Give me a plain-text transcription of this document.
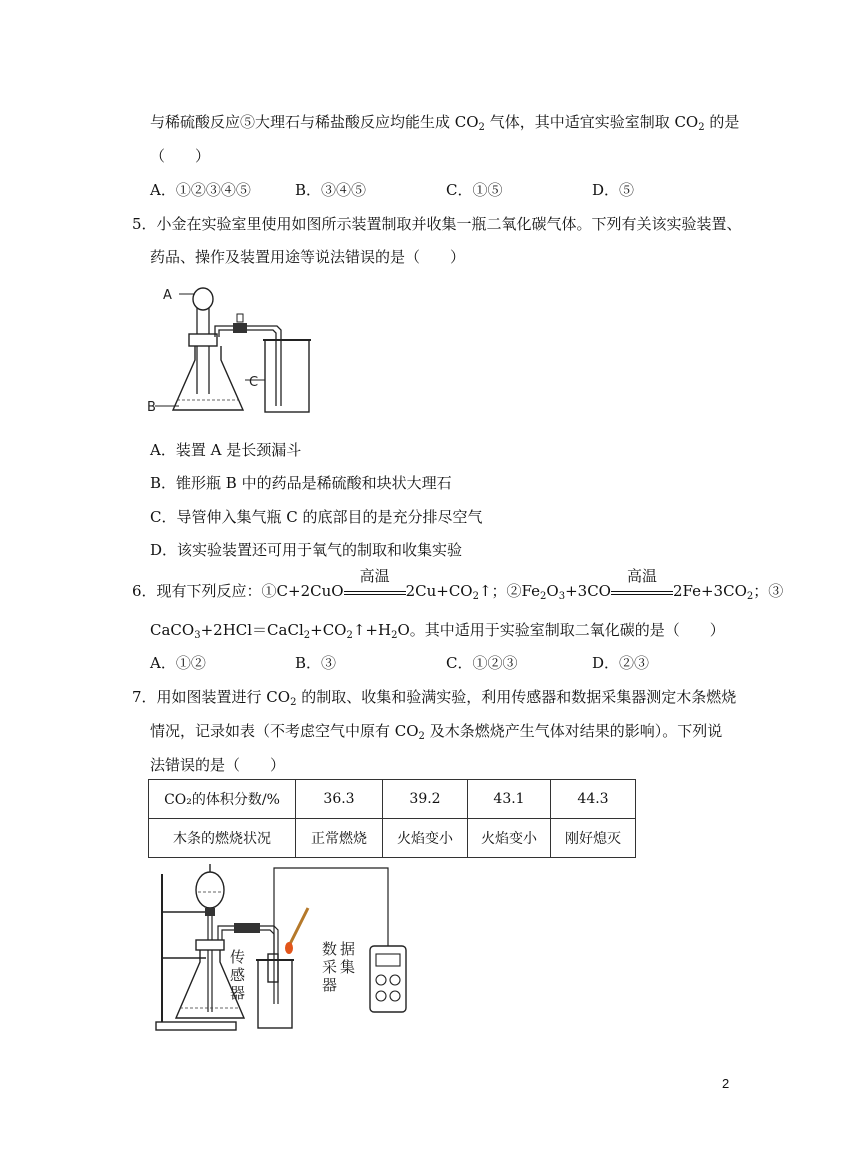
与稀硫酸反应⑤大理石与稀盐酸反应均能生成 $CO_2$ 气体，其中适宜实验室制取 $CO_2$ 的是
（　　）
A．①②③④⑤	B．③④⑤	C．①⑤	D．⑤
5．小金在实验室里使用如图所示装置制取并收集一瓶二氧化碳气体。下列有关该实验装置、
药品、操作及装置用途等说法错误的是（　　）
A
B
C
A．装置 A 是长颈漏斗
B．锥形瓶 B 中的药品是稀硫酸和块状大理石
C．导管伸入集气瓶 C 的底部目的是充分排尽空气
D．该实验装置还可用于氧气的制取和收集实验
6．现有下列反应：①C+2CuO
高温
$2Cu+CO_2↑$；$②Fe_2O_3+3CO$
高温
$2Fe+3CO_2$；③
$CaCO_3+2HCl=CaCl_2+CO_2↑+H_2O$。其中适用于实验室制取二氧化碳的是（　　）
A．①②	B．③	C．①②③	D．②③
7．用如图装置进行 $CO_2$ 的制取、收集和验满实验，利用传感器和数据采集器测定木条燃烧
情况，记录如表（不考虑空气中原有 $CO_2$ 及木条燃烧产生气体对结果的影响）。下列说
法错误的是（　　）
CO₂的体积分数/%	36.3	39.2	43.1	44.3
木条的燃烧状况	正常燃烧	火焰变小	火焰变小	刚好熄灭
传 感 器
数 据 采 集 器
2
